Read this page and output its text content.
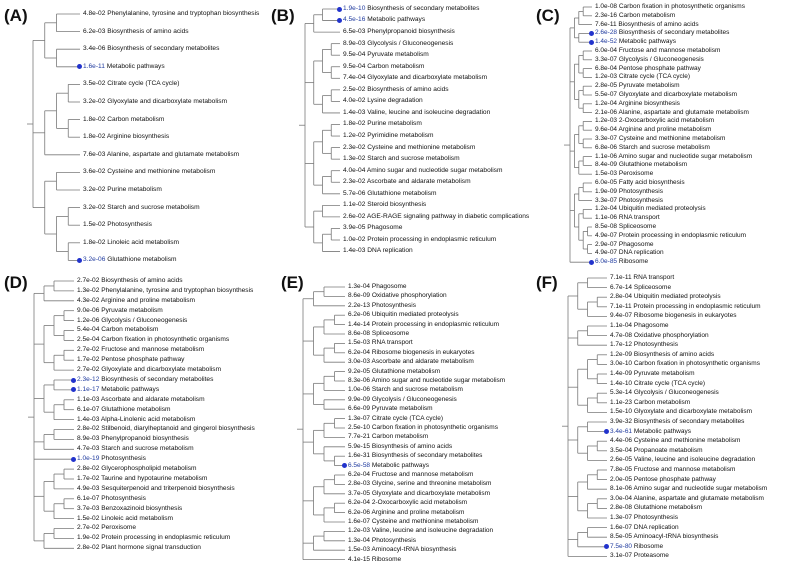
(A)	4.8e-02 Phenylalanine, tyrosine and tryptophan biosynthesis
6.2e-03 Biosynthesis of amino acids
3.4e-06 Biosynthesis of secondary metabolites
1.6e-11 Metabolic pathways
3.5e-02 Citrate cycle (TCA cycle)
3.2e-02 Glyoxylate and dicarboxylate metabolism
1.8e-02 Carbon metabolism
1.8e-02 Arginine biosynthesis
7.6e-03 Alanine, aspartate and glutamate metabolism
3.6e-02 Cysteine and methionine metabolism
3.2e-02 Purine metabolism
3.2e-02 Starch and sucrose metabolism
1.5e-02 Photosynthesis
1.8e-02 Linoleic acid metabolism
3.2e-06 Glutathione metabolism
(B)	1.9e-10 Biosynthesis of secondary metabolites
4.5e-16 Metabolic pathways
6.5e-03 Phenylpropanoid biosynthesis
8.9e-03 Glycolysis / Gluconeogenesis
9.5e-04 Pyruvate metabolism
9.5e-04 Carbon metabolism
7.4e-04 Glyoxylate and dicarboxylate metabolism
2.5e-02 Biosynthesis of amino acids
4.0e-02 Lysine degradation
1.4e-03 Valine, leucine and isoleucine degradation
1.8e-02 Purine metabolism
1.2e-02 Pyrimidine metabolism
2.3e-02 Cysteine and methionine metabolism
1.3e-02 Starch and sucrose metabolism
4.0e-04 Amino sugar and nucleotide sugar metabolism
2.3e-02 Ascorbate and aldarate metabolism
5.7e-06 Glutathione metabolism
1.1e-02 Steroid biosynthesis
2.6e-02 AGE-RAGE signaling pathway in diabetic complications
3.9e-05 Phagosome
1.0e-02 Protein processing in endoplasmic reticulum
1.4e-03 DNA replication
(C)	1.0e-08 Carbon fixation in photosynthetic organisms
2.3e-16 Carbon metabolism
7.6e-11 Biosynthesis of amino acids
2.6e-28 Biosynthesis of secondary metabolites
1.4e-52 Metabolic pathways
6.0e-04 Fructose and mannose metabolism
3.3e-07 Glycolysis / Gluconeogenesis
6.8e-04 Pentose phosphate pathway
1.2e-03 Citrate cycle (TCA cycle)
2.8e-05 Pyruvate metabolism
5.5e-07 Glyoxylate and dicarboxylate metabolism
1.2e-04 Arginine biosynthesis
2.1e-06 Alanine, aspartate and glutamate metabolism
1.2e-03 2-Oxocarboxylic acid metabolism
9.6e-04 Arginine and proline metabolism
3.3e-07 Cysteine and methionine metabolism
6.8e-06 Starch and sucrose metabolism
1.1e-06 Amino sugar and nucleotide sugar metabolism
8.4e-09 Glutathione metabolism
1.5e-03 Peroxisome
6.0e-05 Fatty acid biosynthesis
1.9e-09 Photosynthesis
3.3e-07 Photosynthesis
1.2e-04 Ubiquitin mediated proteolysis
1.1e-06 RNA transport
8.5e-08 Spliceosome
4.9e-07 Protein processing in endoplasmic reticulum
2.9e-07 Phagosome
4.9e-07 DNA replication
6.0e-85 Ribosome
(D)	2.7e-02 Biosynthesis of amino acids
1.3e-02 Phenylalanine, tyrosine and tryptophan biosynthesis
4.3e-02 Arginine and proline metabolism
9.0e-06 Pyruvate metabolism
1.2e-06 Glycolysis / Gluconeogenesis
5.4e-04 Carbon metabolism
2.5e-04 Carbon fixation in photosynthetic organisms
2.7e-02 Fructose and mannose metabolism
1.7e-02 Pentose phosphate pathway
2.7e-02 Glyoxylate and dicarboxylate metabolism
2.3e-12 Biosynthesis of secondary metabolites
1.1e-17 Metabolic pathways
1.1e-03 Ascorbate and aldarate metabolism
6.1e-07 Glutathione metabolism
1.4e-03 Alpha-Linolenic acid metabolism
2.8e-02 Stilbenoid, diarylheptanoid and gingerol biosynthesis
8.9e-03 Phenylpropanoid biosynthesis
4.7e-03 Starch and sucrose metabolism
1.0e-19 Photosynthesis
2.8e-02 Glycerophospholipid metabolism
1.7e-02 Taurine and hypotaurine metabolism
4.9e-03 Sesquiterpenoid and triterpenoid biosynthesis
6.1e-07 Photosynthesis
3.7e-03 Benzoxazinoid biosynthesis
1.5e-02 Linoleic acid metabolism
2.7e-02 Peroxisome
1.9e-02 Protein processing in endoplasmic reticulum
2.8e-02 Plant hormone signal transduction
(E)	1.3e-04 Phagosome
8.6e-09 Oxidative phosphorylation
2.2e-13 Photosynthesis
6.2e-06 Ubiquitin mediated proteolysis
1.4e-14 Protein processing in endoplasmic reticulum
8.6e-08 Spliceosome
1.5e-03 RNA transport
6.2e-04 Ribosome biogenesis in eukaryotes
3.0e-03 Ascorbate and aldarate metabolism
9.2e-05 Glutathione metabolism
8.3e-06 Amino sugar and nucleotide sugar metabolism
1.0e-06 Starch and sucrose metabolism
9.9e-09 Glycolysis / Gluconeogenesis
6.6e-09 Pyruvate metabolism
1.3e-07 Citrate cycle (TCA cycle)
2.5e-10 Carbon fixation in photosynthetic organisms
7.7e-21 Carbon metabolism
5.9e-15 Biosynthesis of amino acids
1.6e-31 Biosynthesis of secondary metabolites
6.5e-58 Metabolic pathways
6.2e-04 Fructose and mannose metabolism
2.8e-03 Glycine, serine and threonine metabolism
3.7e-05 Glyoxylate and dicarboxylate metabolism
6.2e-04 2-Oxocarboxylic acid metabolism
6.2e-06 Arginine and proline metabolism
1.6e-07 Cysteine and methionine metabolism
1.2e-03 Valine, leucine and isoleucine degradation
1.3e-04 Photosynthesis
1.5e-03 Aminoacyl-tRNA biosynthesis
4.1e-15 Ribosome
(F)	7.1e-11 RNA transport
6.7e-14 Spliceosome
2.8e-04 Ubiquitin mediated proteolysis
7.1e-11 Protein processing in endoplasmic reticulum
9.4e-07 Ribosome biogenesis in eukaryotes
1.1e-04 Phagosome
4.7e-08 Oxidative phosphorylation
1.7e-12 Photosynthesis
1.2e-09 Biosynthesis of amino acids
3.0e-10 Carbon fixation in photosynthetic organisms
1.4e-09 Pyruvate metabolism
1.4e-10 Citrate cycle (TCA cycle)
5.3e-14 Glycolysis / Gluconeogenesis
1.1e-23 Carbon metabolism
1.5e-10 Glyoxylate and dicarboxylate metabolism
3.9e-32 Biosynthesis of secondary metabolites
3.4e-61 Metabolic pathways
4.4e-06 Cysteine and methionine metabolism
3.5e-04 Propanoate metabolism
2.6e-05 Valine, leucine and isoleucine degradation
7.8e-05 Fructose and mannose metabolism
2.0e-05 Pentose phosphate pathway
8.1e-06 Amino sugar and nucleotide sugar metabolism
3.0e-04 Alanine, aspartate and glutamate metabolism
2.8e-08 Glutathione metabolism
1.3e-07 Photosynthesis
1.6e-07 DNA replication
8.5e-05 Aminoacyl-tRNA biosynthesis
7.5e-80 Ribosome
3.1e-07 Proteasome
